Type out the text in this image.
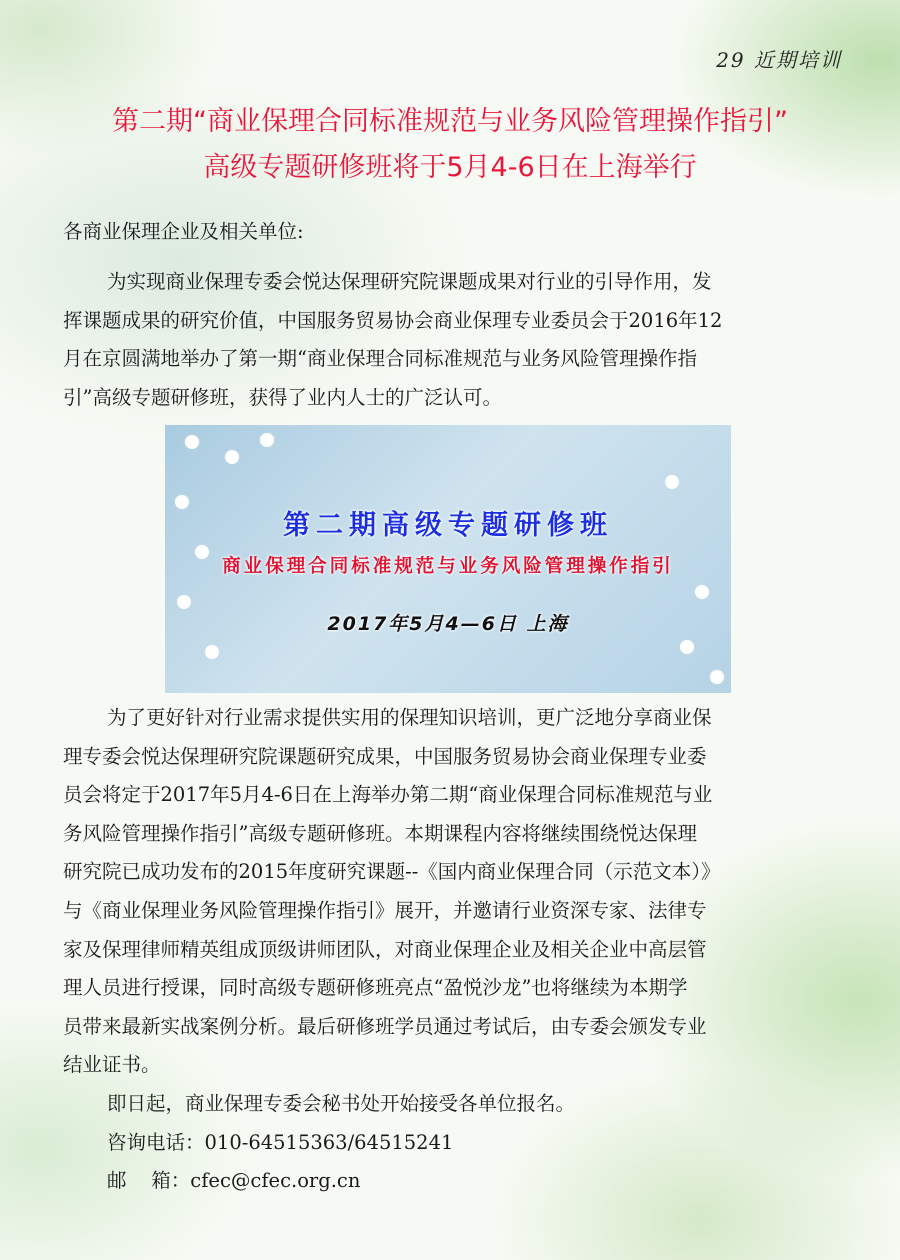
29 近期培训
第二期“商业保理合同标准规范与业务风险管理操作指引”
高级专题研修班将于5月4-6日在上海举行
各商业保理企业及相关单位:
为实现商业保理专委会悦达保理研究院课题成果对行业的引导作用，发
挥课题成果的研究价值，中国服务贸易协会商业保理专业委员会于2016年12
月在京圆满地举办了第一期“商业保理合同标准规范与业务风险管理操作指
引”高级专题研修班，获得了业内人士的广泛认可。
第二期高级专题研修班
商业保理合同标准规范与业务风险管理操作指引
2017年5月4—6日 上海
为了更好针对行业需求提供实用的保理知识培训，更广泛地分享商业保
理专委会悦达保理研究院课题研究成果，中国服务贸易协会商业保理专业委
员会将定于2017年5月4-6日在上海举办第二期“商业保理合同标准规范与业
务风险管理操作指引”高级专题研修班。本期课程内容将继续围绕悦达保理
研究院已成功发布的2015年度研究课题--《国内商业保理合同（示范文本）》
与《商业保理业务风险管理操作指引》展开，并邀请行业资深专家、法律专
家及保理律师精英组成顶级讲师团队，对商业保理企业及相关企业中高层管
理人员进行授课，同时高级专题研修班亮点“盈悦沙龙”也将继续为本期学
员带来最新实战案例分析。最后研修班学员通过考试后，由专委会颁发专业
结业证书。
即日起，商业保理专委会秘书处开始接受各单位报名。
咨询电话：010-64515363/64515241
邮    箱：cfec@cfec.org.cn
